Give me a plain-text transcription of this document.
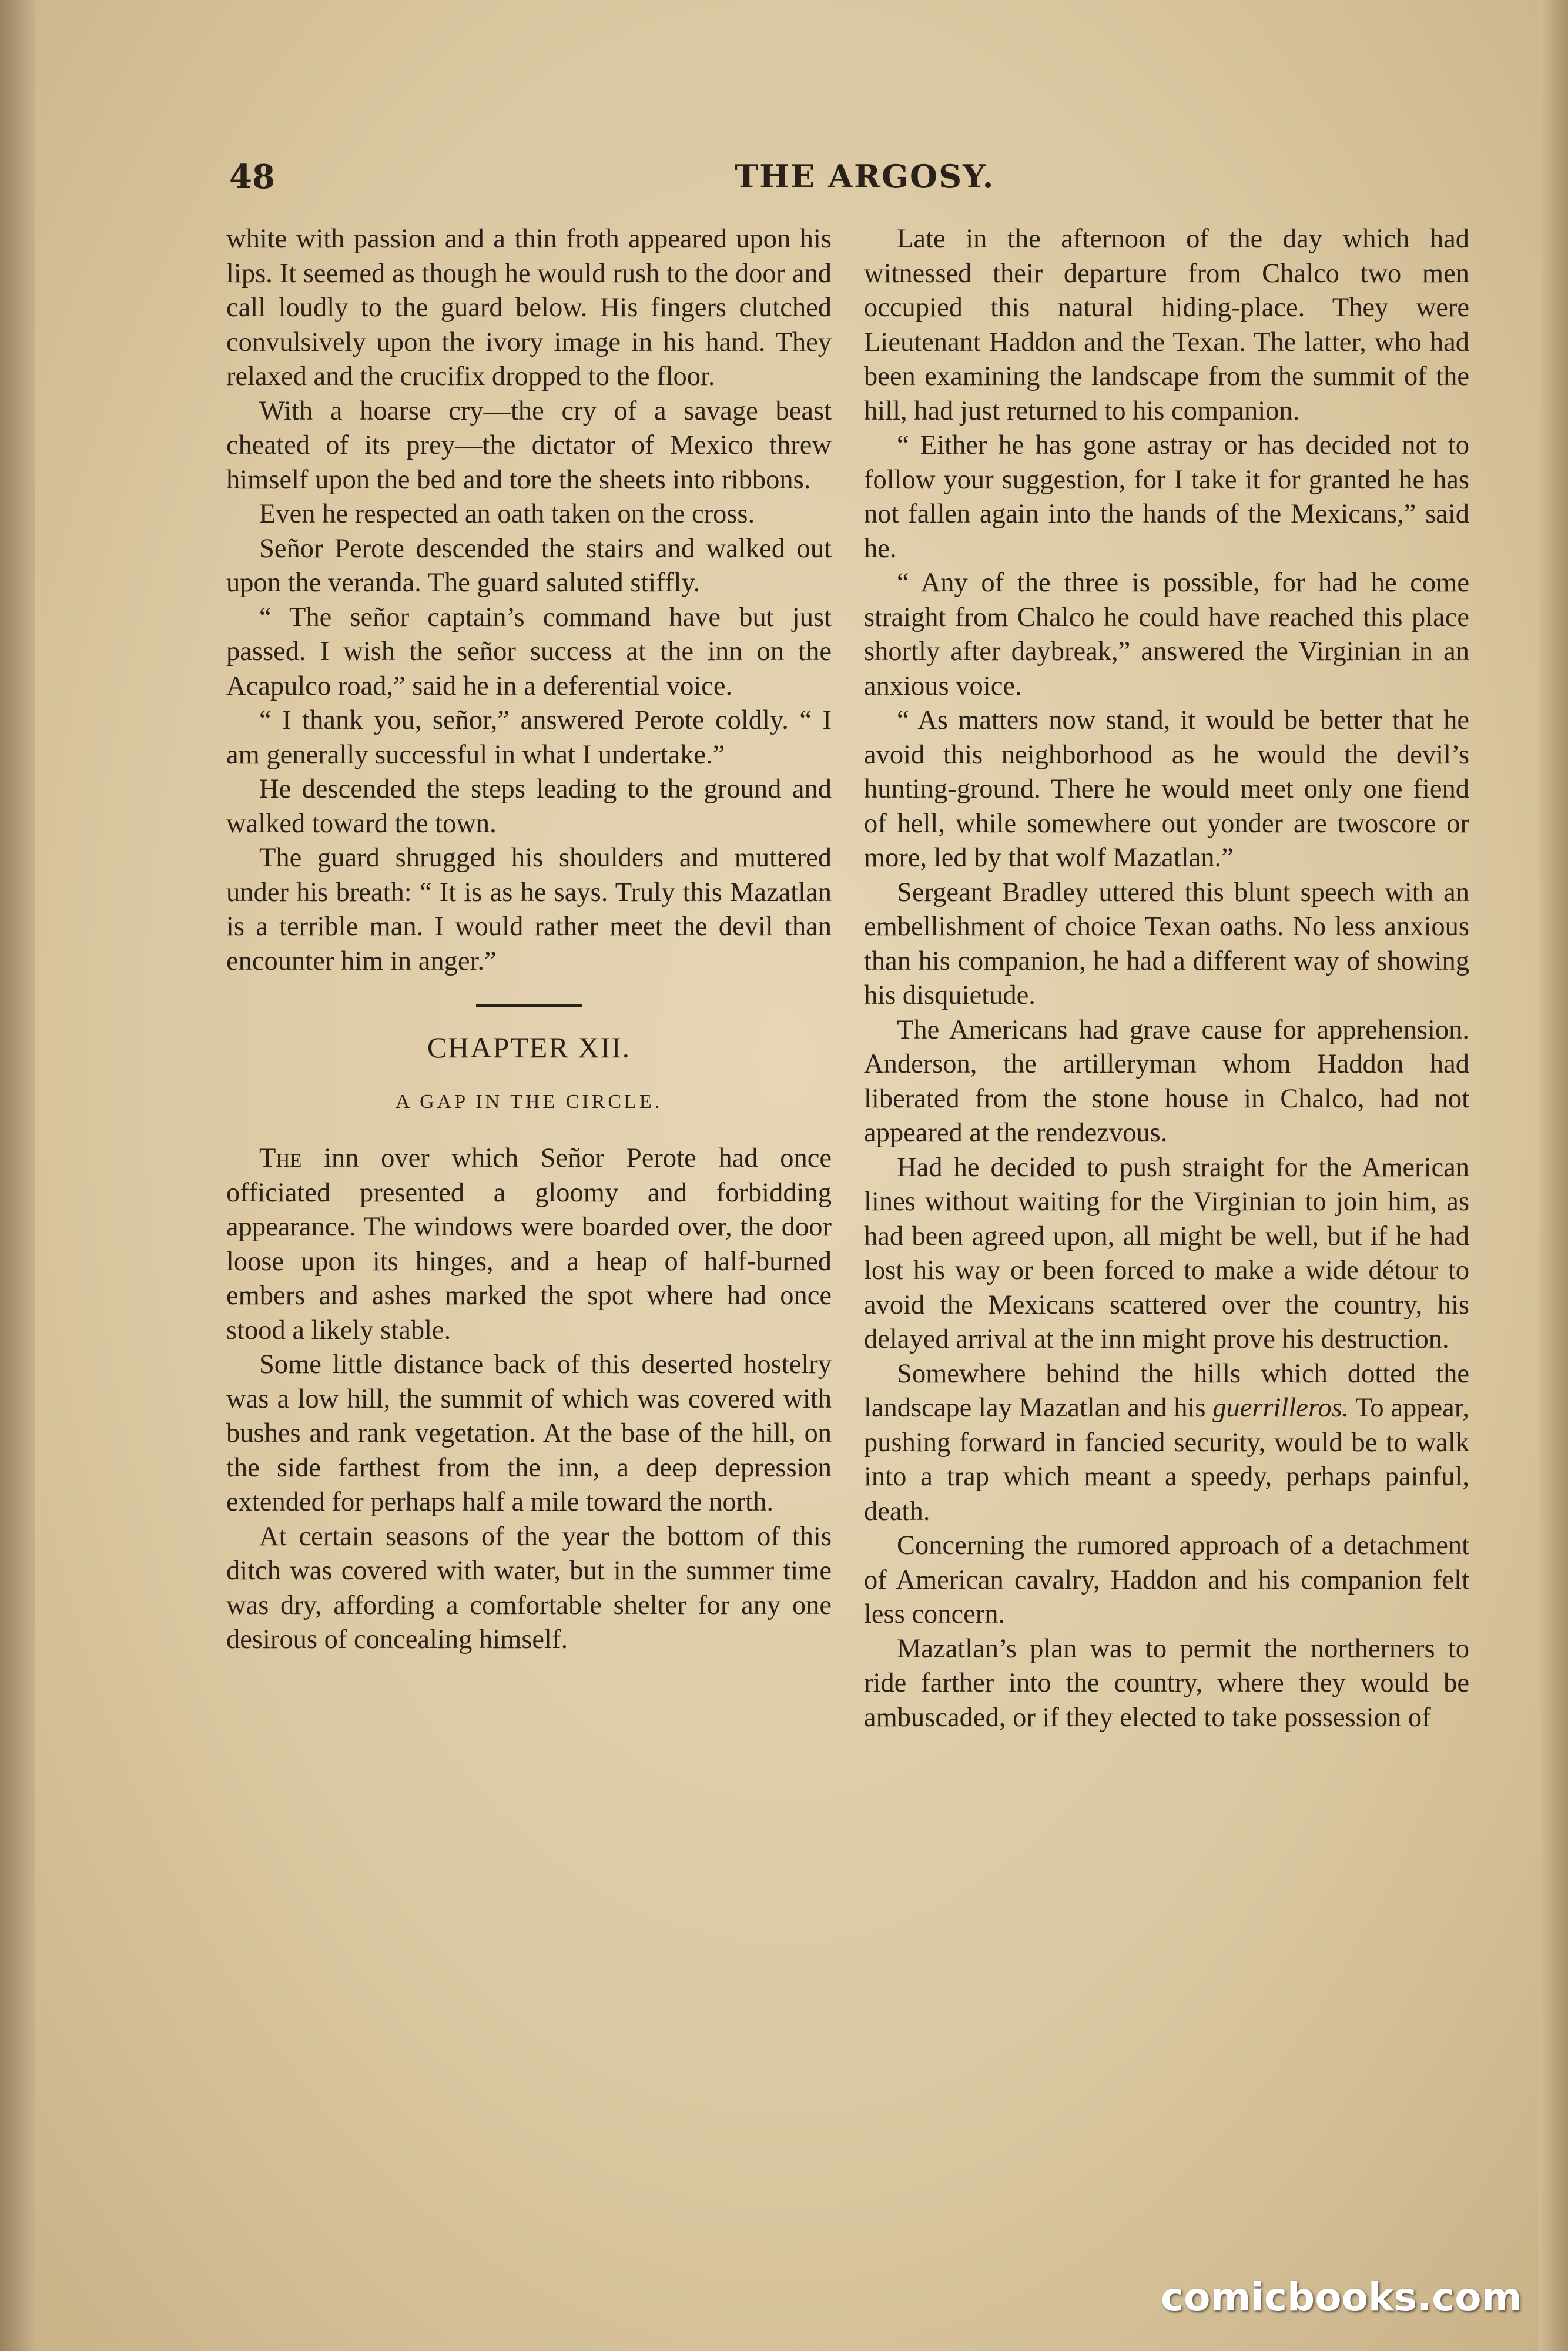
48	THE ARGOSY.

white with passion and a thin froth appeared upon his lips. It seemed as though he would rush to the door and call loudly to the guard below. His fingers clutched convulsively upon the ivory image in his hand. They relaxed and the crucifix dropped to the floor.

With a hoarse cry—the cry of a savage beast cheated of its prey—the dictator of Mexico threw himself upon the bed and tore the sheets into ribbons.

Even he respected an oath taken on the cross.

Señor Perote descended the stairs and walked out upon the veranda. The guard saluted stiffly.

“ The señor captain’s command have but just passed. I wish the señor success at the inn on the Acapulco road,” said he in a deferential voice.

“ I thank you, señor,” answered Perote coldly. “ I am generally successful in what I undertake.”

He descended the steps leading to the ground and walked toward the town.

The guard shrugged his shoulders and muttered under his breath: “ It is as he says. Truly this Mazatlan is a terrible man. I would rather meet the devil than encounter him in anger.”

CHAPTER XII.
A GAP IN THE CIRCLE.

The inn over which Señor Perote had once officiated presented a gloomy and forbidding appearance. The windows were boarded over, the door loose upon its hinges, and a heap of half-burned embers and ashes marked the spot where had once stood a likely stable.

Some little distance back of this deserted hostelry was a low hill, the summit of which was covered with bushes and rank vegetation. At the base of the hill, on the side farthest from the inn, a deep depression extended for perhaps half a mile toward the north.

At certain seasons of the year the bottom of this ditch was covered with water, but in the summer time was dry, affording a comfortable shelter for any one desirous of concealing himself.

Late in the afternoon of the day which had witnessed their departure from Chalco two men occupied this natural hiding-place. They were Lieutenant Haddon and the Texan. The latter, who had been examining the landscape from the summit of the hill, had just returned to his companion.

“ Either he has gone astray or has decided not to follow your suggestion, for I take it for granted he has not fallen again into the hands of the Mexicans,” said he.

“ Any of the three is possible, for had he come straight from Chalco he could have reached this place shortly after daybreak,” answered the Virginian in an anxious voice.

“ As matters now stand, it would be better that he avoid this neighborhood as he would the devil’s hunting-ground. There he would meet only one fiend of hell, while somewhere out yonder are twoscore or more, led by that wolf Mazatlan.”

Sergeant Bradley uttered this blunt speech with an embellishment of choice Texan oaths. No less anxious than his companion, he had a different way of showing his disquietude.

The Americans had grave cause for apprehension. Anderson, the artilleryman whom Haddon had liberated from the stone house in Chalco, had not appeared at the rendezvous.

Had he decided to push straight for the American lines without waiting for the Virginian to join him, as had been agreed upon, all might be well, but if he had lost his way or been forced to make a wide détour to avoid the Mexicans scattered over the country, his delayed arrival at the inn might prove his destruction.

Somewhere behind the hills which dotted the landscape lay Mazatlan and his guerrilleros. To appear, pushing forward in fancied security, would be to walk into a trap which meant a speedy, perhaps painful, death.

Concerning the rumored approach of a detachment of American cavalry, Haddon and his companion felt less concern.

Mazatlan’s plan was to permit the northerners to ride farther into the country, where they would be ambuscaded, or if they elected to take possession of

comicbooks.com
